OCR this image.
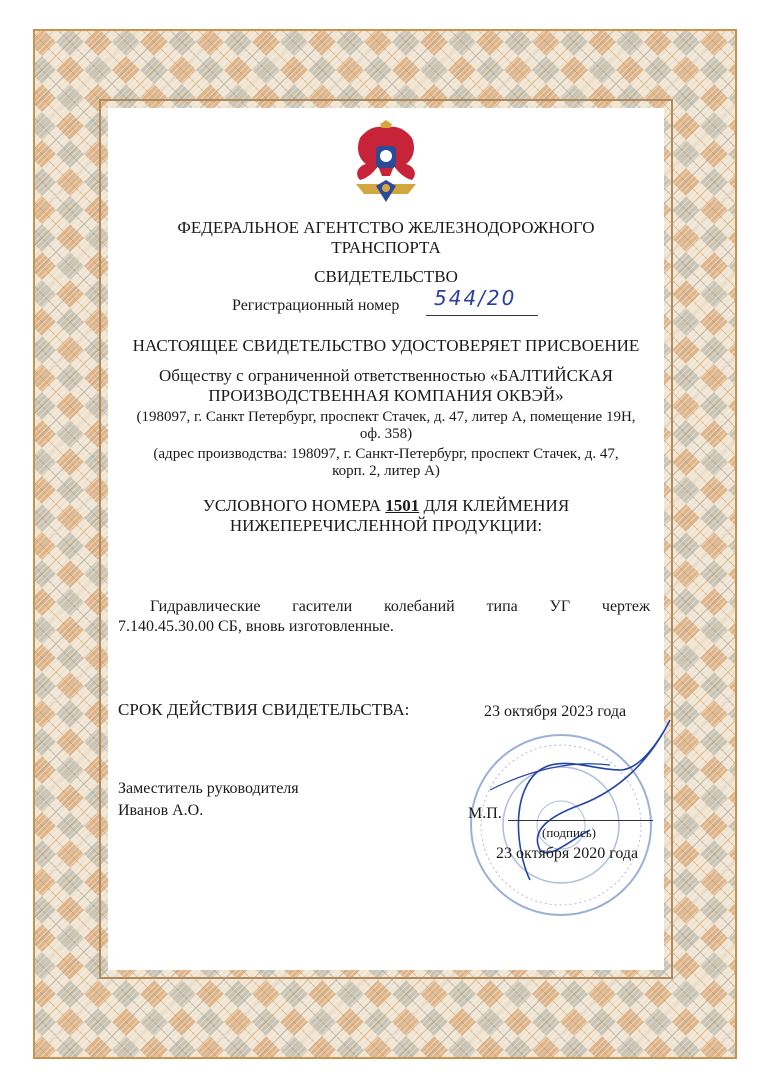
ФЕДЕРАЛЬНОЕ АГЕНТСТВО ЖЕЛЕЗНОДОРОЖНОГО
ТРАНСПОРТА
СВИДЕТЕЛЬСТВО
Регистрационный номер 544/20
НАСТОЯЩЕЕ СВИДЕТЕЛЬСТВО УДОСТОВЕРЯЕТ ПРИСВОЕНИЕ
Обществу с ограниченной ответственностью «БАЛТИЙСКАЯ
ПРОИЗВОДСТВЕННАЯ КОМПАНИЯ ОКВЭЙ»
(198097, г. Санкт Петербург, проспект Стачек, д. 47, литер А, помещение 19Н,
оф. 358)
(адрес производства: 198097, г. Санкт-Петербург, проспект Стачек, д. 47,
корп. 2, литер А)
УСЛОВНОГО НОМЕРА 1501 ДЛЯ КЛЕЙМЕНИЯ
НИЖЕПЕРЕЧИСЛЕННОЙ ПРОДУКЦИИ:
Гидравлические гасители колебаний типа УГ чертеж
7.140.45.30.00 СБ, вновь изготовленные.
СРОК ДЕЙСТВИЯ СВИДЕТЕЛЬСТВА:	23 октября 2023 года
Заместитель руководителя
Иванов А.О.	М.П.
(подпись)
23 октября 2020 года
